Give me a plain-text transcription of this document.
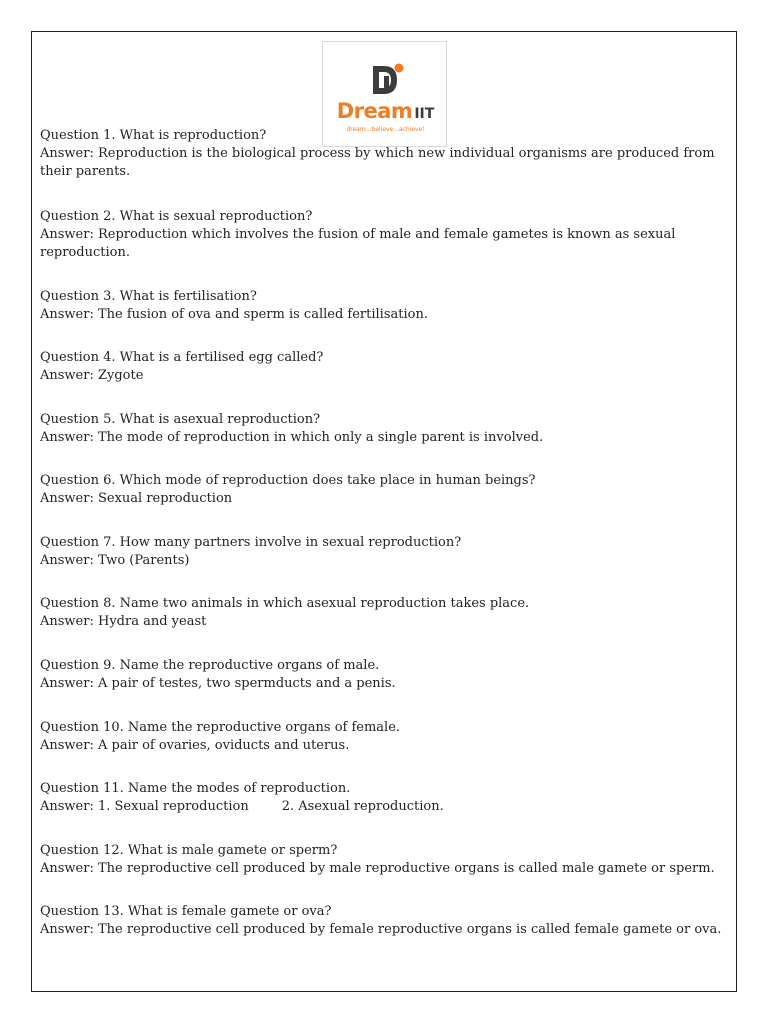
Dream IIT
dream...believe...achieve!

Question 1. What is reproduction?

Answer: Reproduction is the biological process by which new individual organisms are produced from their parents.

Question 2. What is sexual reproduction?

Answer: Reproduction which involves the fusion of male and female gametes is known as sexual reproduction.

Question 3. What is fertilisation?

Answer: The fusion of ova and sperm is called fertilisation.

Question 4. What is a fertilised egg called?

Answer: Zygote

Question 5. What is asexual reproduction?

Answer: The mode of reproduction in which only a single parent is involved.

Question 6. Which mode of reproduction does take place in human beings?

Answer: Sexual reproduction

Question 7. How many partners involve in sexual reproduction?

Answer: Two (Parents)

Question 8. Name two animals in which asexual reproduction takes place.

Answer: Hydra and yeast

Question 9. Name the reproductive organs of male.

Answer: A pair of testes, two spermducts and a penis.

Question 10. Name the reproductive organs of female.

Answer: A pair of ovaries, oviducts and uterus.

Question 11. Name the modes of reproduction.

Answer: 1. Sexual reproduction        2. Asexual reproduction.

Question 12. What is male gamete or sperm?

Answer: The reproductive cell produced by male reproductive organs is called male gamete or sperm.

Question 13. What is female gamete or ova?

Answer: The reproductive cell produced by female reproductive organs is called female gamete or ova.
